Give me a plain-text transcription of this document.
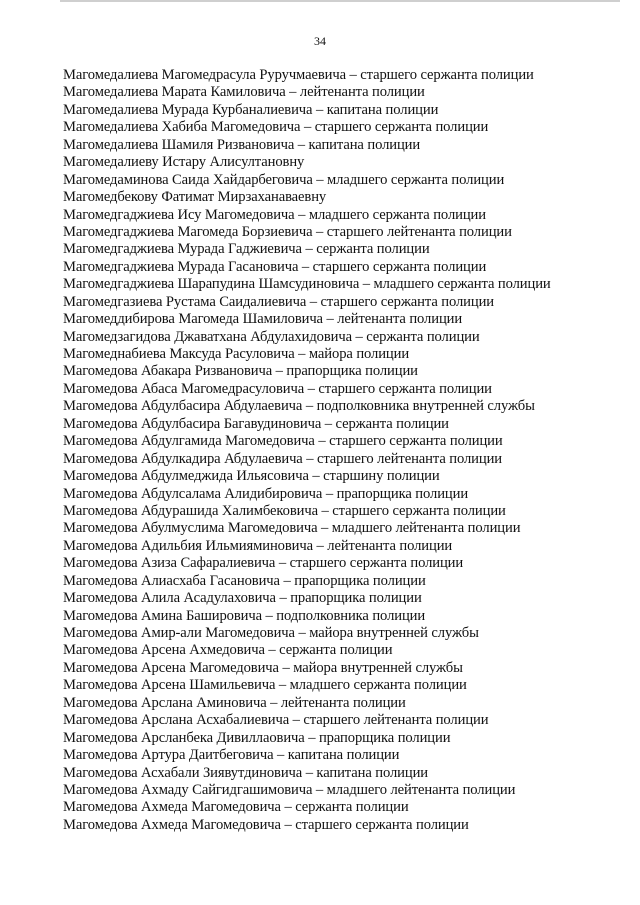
34
Магомедалиева Магомедрасула Руручмаевича – старшего сержанта полиции
Магомедалиева Марата Камиловича – лейтенанта полиции
Магомедалиева Мурада Курбаналиевича – капитана полиции
Магомедалиева Хабиба Магомедовича – старшего сержанта полиции
Магомедалиева Шамиля Ризвановича – капитана полиции
Магомедалиеву Истару Алисултановну
Магомедаминова Саида Хайдарбеговича – младшего сержанта полиции
Магомедбекову Фатимат Мирзаханаваевну
Магомедгаджиева Ису Магомедовича – младшего сержанта полиции
Магомедгаджиева Магомеда Борзиевича – старшего лейтенанта полиции
Магомедгаджиева Мурада Гаджиевича – сержанта полиции
Магомедгаджиева Мурада Гасановича – старшего сержанта полиции
Магомедгаджиева Шарапудина Шамсудиновича – младшего сержанта полиции
Магомедгазиева Рустама Саидалиевича – старшего сержанта полиции
Магомеддибирова Магомеда Шамиловича – лейтенанта полиции
Магомедзагидова Джаватхана Абдулахидовича – сержанта полиции
Магомеднабиева Максуда Расуловича – майора полиции
Магомедова Абакара Ризвановича – прапорщика полиции
Магомедова Абаса Магомедрасуловича – старшего сержанта полиции
Магомедова Абдулбасира Абдулаевича – подполковника внутренней службы
Магомедова Абдулбасира Багавудиновича – сержанта полиции
Магомедова Абдулгамида Магомедовича – старшего сержанта полиции
Магомедова Абдулкадира Абдулаевича – старшего лейтенанта полиции
Магомедова Абдулмеджида Ильясовича – старшину полиции
Магомедова Абдулсалама Алидибировича – прапорщика полиции
Магомедова Абдурашида Халимбековича – старшего сержанта полиции
Магомедова Абулмуслима Магомедовича – младшего лейтенанта полиции
Магомедова Адильбия Ильмияминовича – лейтенанта полиции
Магомедова Азиза Сафаралиевича – старшего сержанта полиции
Магомедова Алиасхаба Гасановича – прапорщика полиции
Магомедова Алила Асадулаховича – прапорщика полиции
Магомедова Амина Башировича – подполковника полиции
Магомедова Амир-али Магомедовича – майора внутренней службы
Магомедова Арсена Ахмедовича – сержанта полиции
Магомедова Арсена Магомедовича – майора внутренней службы
Магомедова Арсена Шамильевича – младшего сержанта полиции
Магомедова Арслана Аминовича – лейтенанта полиции
Магомедова Арслана Асхабалиевича – старшего лейтенанта полиции
Магомедова Арсланбека Дивиллаовича – прапорщика полиции
Магомедова Артура Даитбеговича – капитана полиции
Магомедова Асхабали Зиявутдиновича – капитана полиции
Магомедова Ахмаду Сайгидгашимовича – младшего лейтенанта полиции
Магомедова Ахмеда Магомедовича – сержанта полиции
Магомедова Ахмеда Магомедовича – старшего сержанта полиции
